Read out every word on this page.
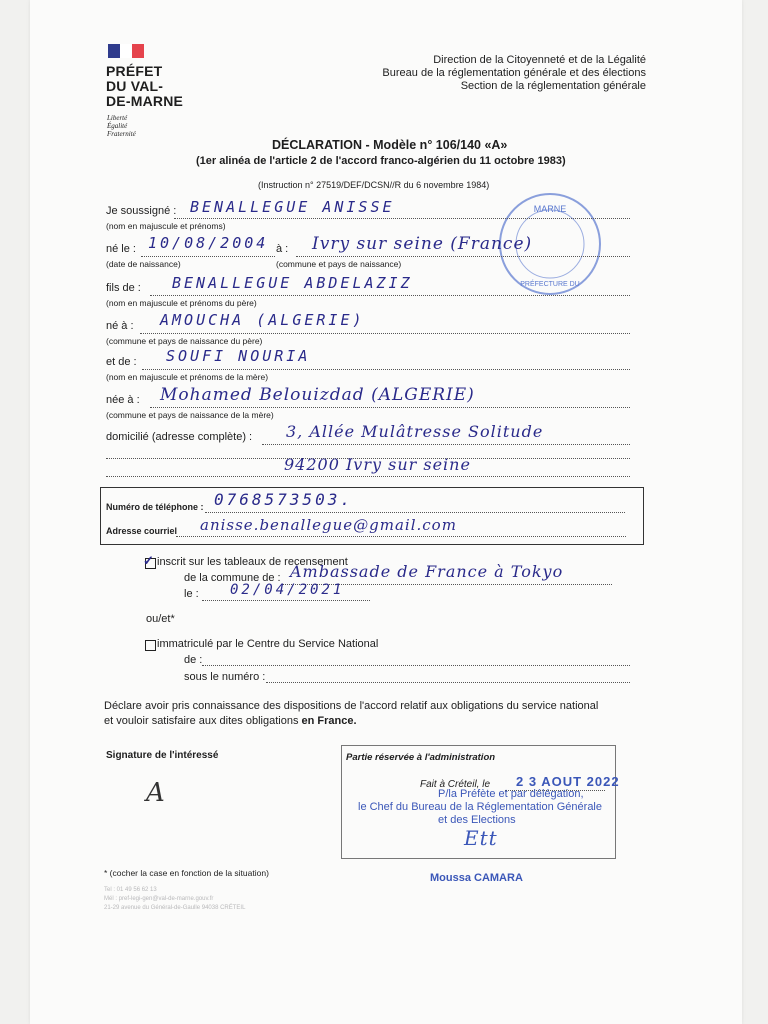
PRÉFET
DU VAL-
DE-MARNE
Liberté
Égalité
Fraternité
Direction de la Citoyenneté et de la Légalité
Bureau de la réglementation générale et des élections
Section de la réglementation générale
DÉCLARATION - Modèle n° 106/140 «A»
(1er alinéa de l'article 2 de l'accord franco-algérien du 11 octobre 1983)
(Instruction n° 27519/DEF/DCSN//R du 6 novembre 1984)
MARNE
PRÉFECTURE DU
Je soussigné : BENALLEGUE ANISSE
(nom en majuscule et prénoms)
né le : 10/08/2004 à : Ivry sur seine (France)
(date de naissance)	(commune et pays de naissance)
fils de : BENALLEGUE ABDELAZIZ
(nom en majuscule et prénoms du père)
né à : AMOUCHA (ALGERIE)
(commune et pays de naissance du père)
et de : SOUFI NOURIA
(nom en majuscule et prénoms de la mère)
née à : Mohamed Belouizdad (ALGERIE)
(commune et pays de naissance de la mère)
domicilié (adresse complète) : 3, Allée Mulâtresse Solitude
94200 Ivry sur seine
Numéro de téléphone : 0768573503.
Adresse courriel anisse.benallegue@gmail.com
✓ inscrit sur les tableaux de recensement
de la commune de : Ambassade de France à Tokyo
le : 02/04/2021
ou/et*
immatriculé par le Centre du Service National
de :
sous le numéro :
Déclare avoir pris connaissance des dispositions de l'accord relatif aux obligations du service national
et vouloir satisfaire aux dites obligations en France.
Signature de l'intéressé
A
Partie réservée à l'administration
Fait à Créteil, le 2 3 AOUT 2022
P/la Préfète et par délégation,
le Chef du Bureau de la Réglementation Générale
et des Elections
Ett
Moussa CAMARA
* (cocher la case en fonction de la situation)
Tel : 01 49 56 62 13
Mél : pref-legi-gen@val-de-marne.gouv.fr
21-29 avenue du Général-de-Gaulle 94038 CRÉTEIL
